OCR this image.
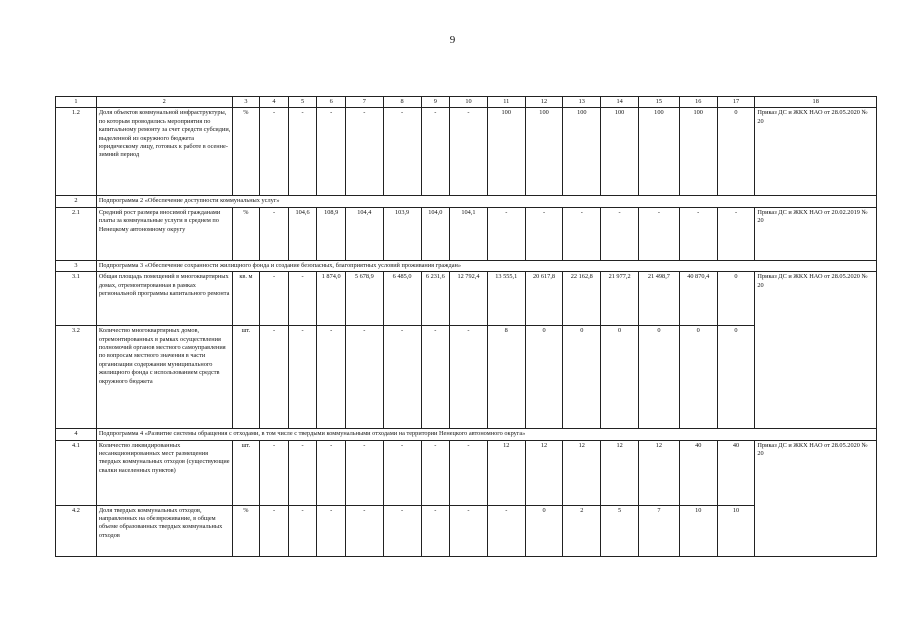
9
1	2	3	4	5	6	7	8	9	10	11	12	13	14	15	16	17	18
1.2	Доля объектов коммунальной инфраструктуры, по которым проводились мероприятия по капитальному ремонту за счет средств субсидии, выделенной из окружного бюджета юридическому лицу, готовых к работе в осенне-зимний период	%	-	-	-	-	-	-	-	100	100	100	100	100	100	0	Приказ ДС и ЖКХ НАО от 28.05.2020 № 20
2	Подпрограмма 2 «Обеспечение доступности коммунальных услуг»																
2.1	Средний рост размера вносимой гражданами платы за коммунальные услуги в среднем по Ненецкому автономному округу	%	-	104,6	108,9	104,4	103,9	104,0	104,1	-	-	-	-	-	-	-	Приказ ДС и ЖКХ НАО от 20.02.2019 № 20
3	Подпрограмма 3 «Обеспечение сохранности жилищного фонда и создание безопасных, благоприятных условий проживания граждан»																
3.1	Общая площадь помещений в многоквартирных домах, отремонтированная в рамках региональной программы капитального ремонта	кв. м	-	-	1 874,0	5 678,9	6 485,0	6 231,6	12 792,4	13 555,1	20 617,8	22 162,8	21 977,2	21 498,7	40 870,4	0	Приказ ДС и ЖКХ НАО от 28.05.2020 № 20
3.2	Количество многоквартирных домов, отремонтированных в рамках осуществления полномочий органов местного самоуправления по вопросам местного значения в части организации содержания муниципального жилищного фонда с использованием средств окружного бюджета	шт.	-	-	-	-	-	-	-	8	0	0	0	0	0	0	
4	Подпрограмма 4 «Развитие системы обращения с отходами, в том числе с твердыми коммунальными отходами на территории Ненецкого автономного округа»																
4.1	Количество ликвидированных несанкционированных мест размещения твердых коммунальных отходов (существующие свалки населенных пунктов)	шт.	-	-	-	-	-	-	-	12	12	12	12	12	40	40	Приказ ДС и ЖКХ НАО от 28.05.2020 № 20
4.2	Доля твердых коммунальных отходов, направленных на обезвреживание, в общем объеме образованных твердых коммунальных отходов	%	-	-	-	-	-	-	-	-	0	2	5	7	10	10	
